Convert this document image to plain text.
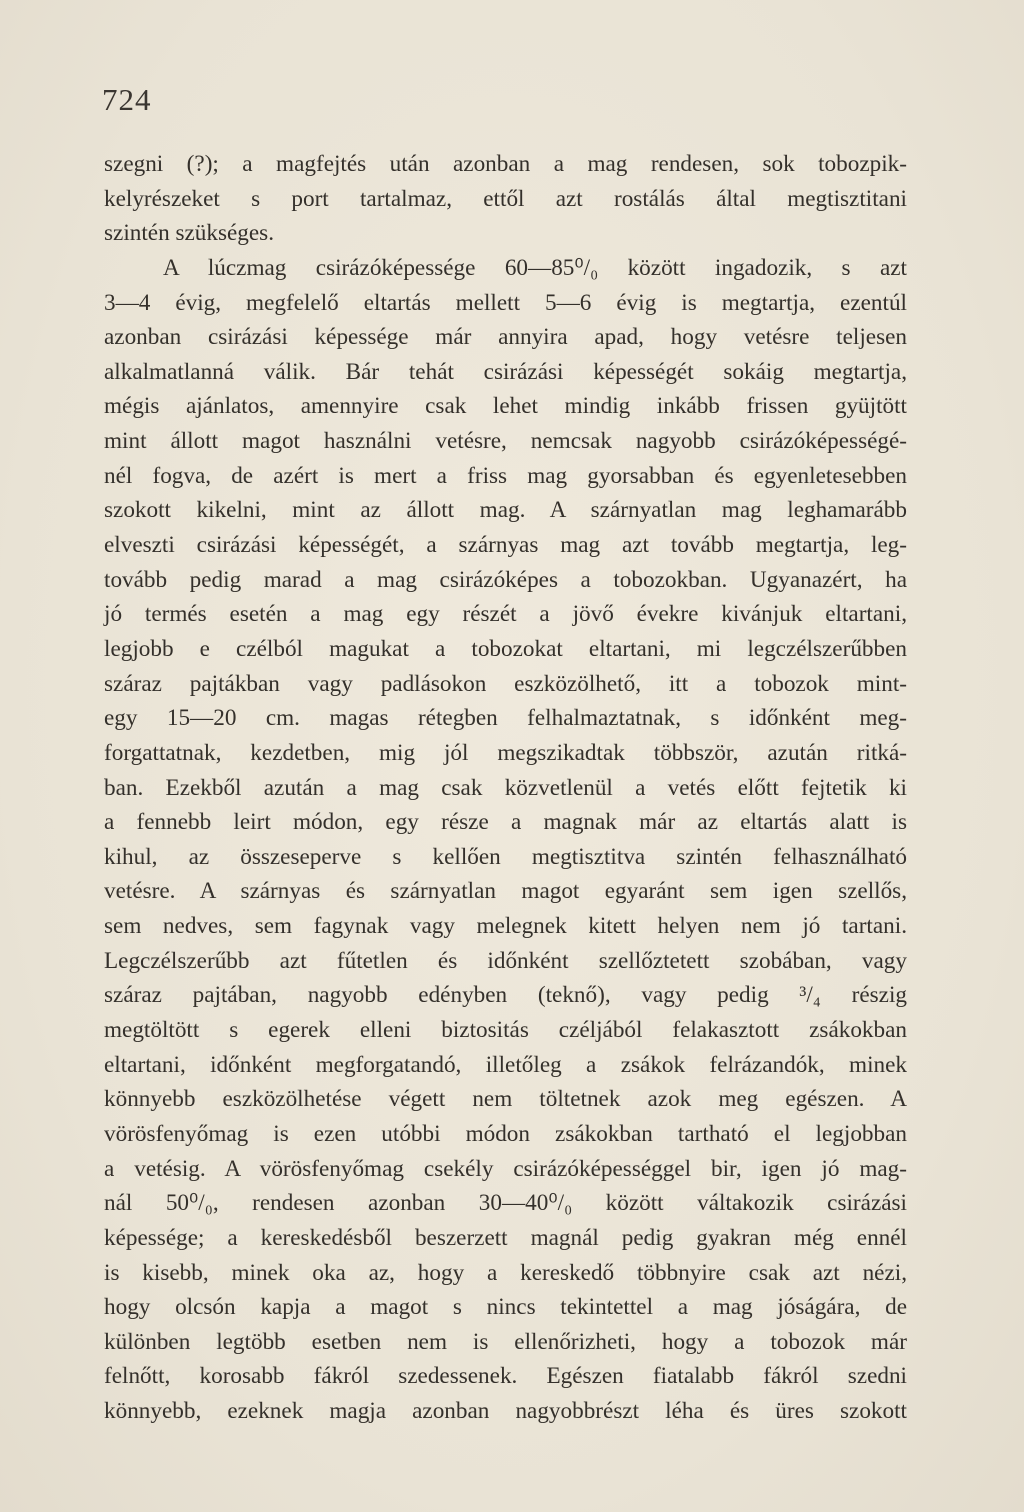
724

szegni (?); a magfejtés után azonban a mag rendesen, sok tobozpik-
kelyrészeket s port tartalmaz, ettől azt rostálás által megtisztitani
szintén szükséges.
A lúczmag csirázóképessége 60—85⁰/₀ között ingadozik, s azt
3—4 évig, megfelelő eltartás mellett 5—6 évig is megtartja, ezentúl
azonban csirázási képessége már annyira apad, hogy vetésre teljesen
alkalmatlanná válik. Bár tehát csirázási képességét sokáig megtartja,
mégis ajánlatos, amennyire csak lehet mindig inkább frissen gyüjtött
mint állott magot használni vetésre, nemcsak nagyobb csirázóképességé-
nél fogva, de azért is mert a friss mag gyorsabban és egyenletesebben
szokott kikelni, mint az állott mag. A szárnyatlan mag leghamarább
elveszti csirázási képességét, a szárnyas mag azt tovább megtartja, leg-
tovább pedig marad a mag csirázóképes a tobozokban. Ugyanazért, ha
jó termés esetén a mag egy részét a jövő évekre kivánjuk eltartani,
legjobb e czélból magukat a tobozokat eltartani, mi legczélszerűbben
száraz pajtákban vagy padlásokon eszközölhető, itt a tobozok mint-
egy 15—20 cm. magas rétegben felhalmaztatnak, s időnként meg-
forgattatnak, kezdetben, mig jól megszikadtak többször, azután ritká-
ban. Ezekből azután a mag csak közvetlenül a vetés előtt fejtetik ki
a fennebb leirt módon, egy része a magnak már az eltartás alatt is
kihul, az összeseperve s kellően megtisztitva szintén felhasználható
vetésre. A szárnyas és szárnyatlan magot egyaránt sem igen szellős,
sem nedves, sem fagynak vagy melegnek kitett helyen nem jó tartani.
Legczélszerűbb azt fűtetlen és időnként szellőztetett szobában, vagy
száraz pajtában, nagyobb edényben (teknő), vagy pedig ³/₄ részig
megtöltött s egerek elleni biztositás czéljából felakasztott zsákokban
eltartani, időnként megforgatandó, illetőleg a zsákok felrázandók, minek
könnyebb eszközölhetése végett nem töltetnek azok meg egészen. A
vörösfenyőmag is ezen utóbbi módon zsákokban tartható el legjobban
a vetésig. A vörösfenyőmag csekély csirázóképességgel bir, igen jó mag-
nál 50⁰/₀, rendesen azonban 30—40⁰/₀ között váltakozik csirázási
képessége; a kereskedésből beszerzett magnál pedig gyakran még ennél
is kisebb, minek oka az, hogy a kereskedő többnyire csak azt nézi,
hogy olcsón kapja a magot s nincs tekintettel a mag jóságára, de
különben legtöbb esetben nem is ellenőrizheti, hogy a tobozok már
felnőtt, korosabb fákról szedessenek. Egészen fiatalabb fákról szedni
könnyebb, ezeknek magja azonban nagyobbrészt léha és üres szokott
